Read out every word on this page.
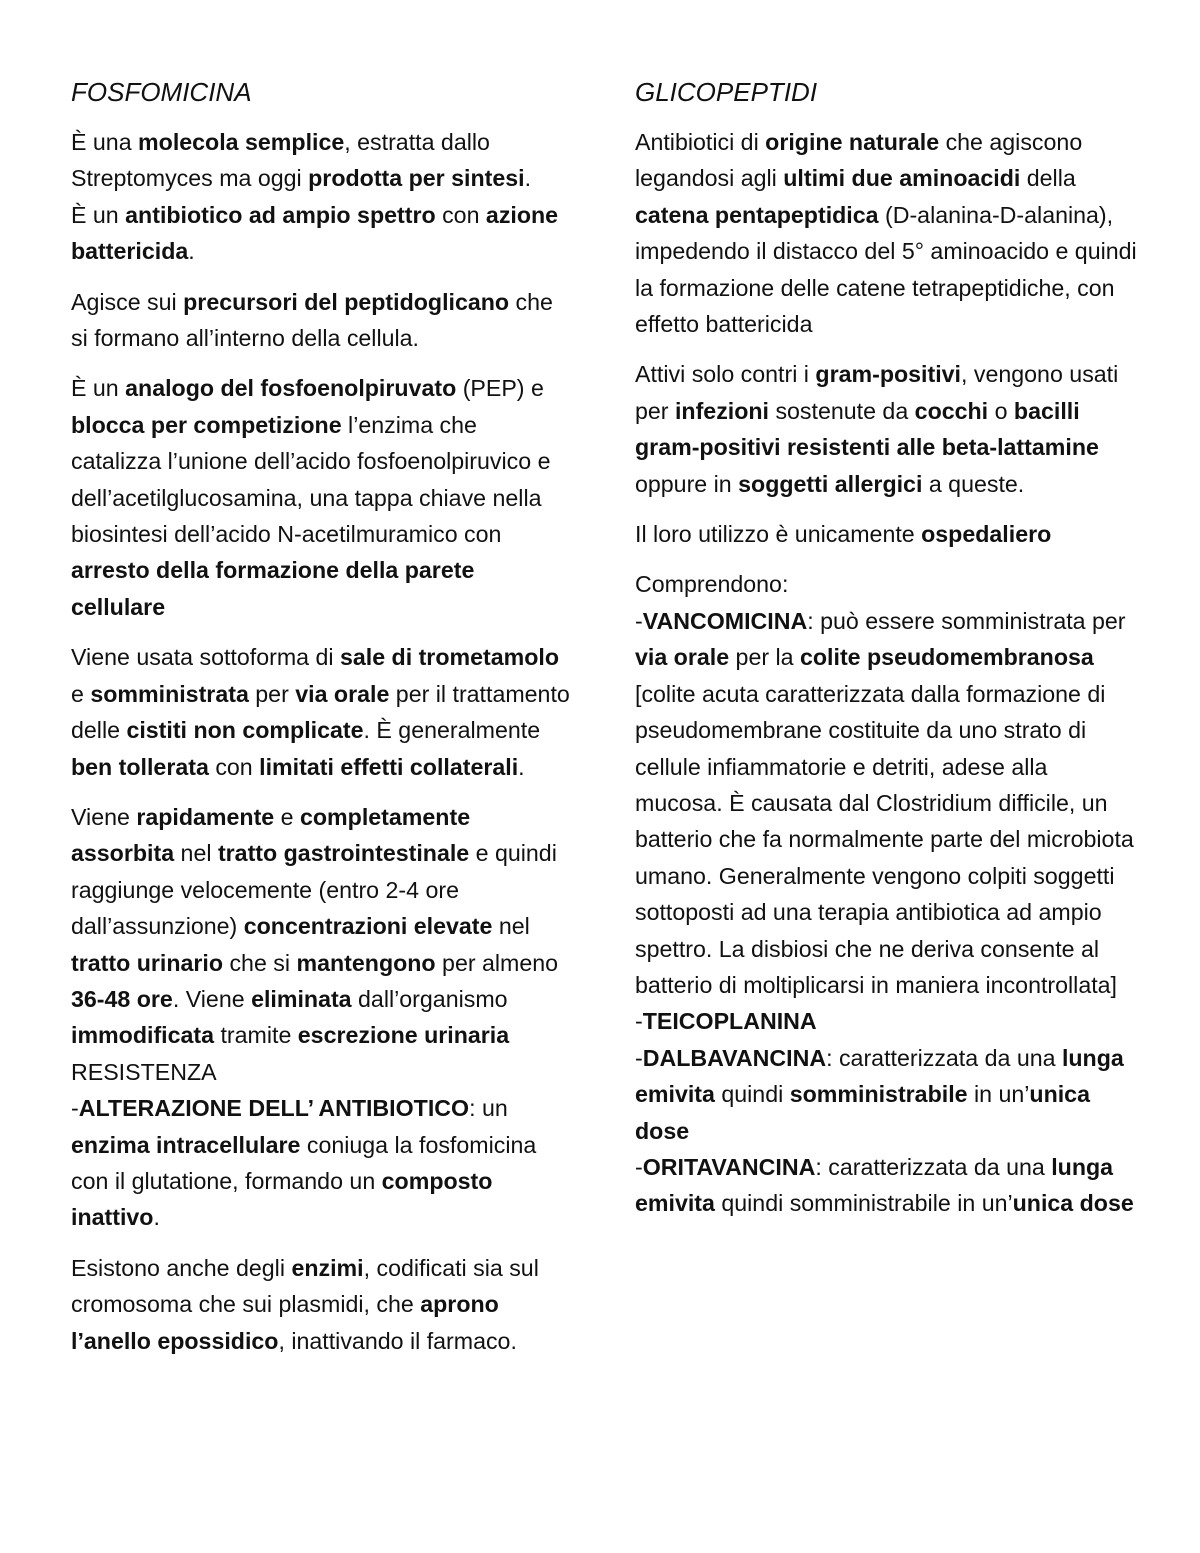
FOSFOMICINA

È una molecola semplice, estratta dallo Streptomyces ma oggi prodotta per sintesi.

È un antibiotico ad ampio spettro con azione battericida.

Agisce sui precursori del peptidoglicano che si formano all’interno della cellula.

È un analogo del fosfoenolpiruvato (PEP) e blocca per competizione l’enzima che catalizza l’unione dell’acido fosfoenolpiruvico e dell’acetilglucosamina, una tappa chiave nella biosintesi dell’acido N-acetilmuramico con arresto della formazione della parete cellulare

Viene usata sottoforma di sale di trometamolo e somministrata per via orale per il trattamento delle cistiti non complicate. È generalmente ben tollerata con limitati effetti collaterali.

Viene rapidamente e completamente assorbita nel tratto gastrointestinale e quindi raggiunge velocemente (entro 2-4 ore dall’assunzione) concentrazioni elevate nel tratto urinario che si mantengono per almeno 36-48 ore. Viene eliminata dall’organismo immodificata tramite escrezione urinaria

RESISTENZA

-ALTERAZIONE DELL’ ANTIBIOTICO: un enzima intracellulare coniuga la fosfomicina con il glutatione, formando un composto inattivo.

Esistono anche degli enzimi, codificati sia sul cromosoma che sui plasmidi, che aprono l’anello epossidico, inattivando il farmaco.

GLICOPEPTIDI

Antibiotici di origine naturale che agiscono legandosi agli ultimi due aminoacidi della catena pentapeptidica (D-alanina-D-alanina), impedendo il distacco del 5° aminoacido e quindi la formazione delle catene tetrapeptidiche, con effetto battericida

Attivi solo contri i gram-positivi, vengono usati per infezioni sostenute da cocchi o bacilli gram-positivi resistenti alle beta-lattamine oppure in soggetti allergici a queste.

Il loro utilizzo è unicamente ospedaliero

Comprendono:

-VANCOMICINA: può essere somministrata per via orale per la colite pseudomembranosa [colite acuta caratterizzata dalla formazione di pseudomembrane costituite da uno strato di cellule infiammatorie e detriti, adese alla mucosa. È causata dal Clostridium difficile, un batterio che fa normalmente parte del microbiota umano. Generalmente vengono colpiti soggetti sottoposti ad una terapia antibiotica ad ampio spettro. La disbiosi che ne deriva consente al batterio di moltiplicarsi in maniera incontrollata]

-TEICOPLANINA

-DALBAVANCINA: caratterizzata da una lunga emivita quindi somministrabile in un’unica dose

-ORITAVANCINA: caratterizzata da una lunga emivita quindi somministrabile in un’unica dose
